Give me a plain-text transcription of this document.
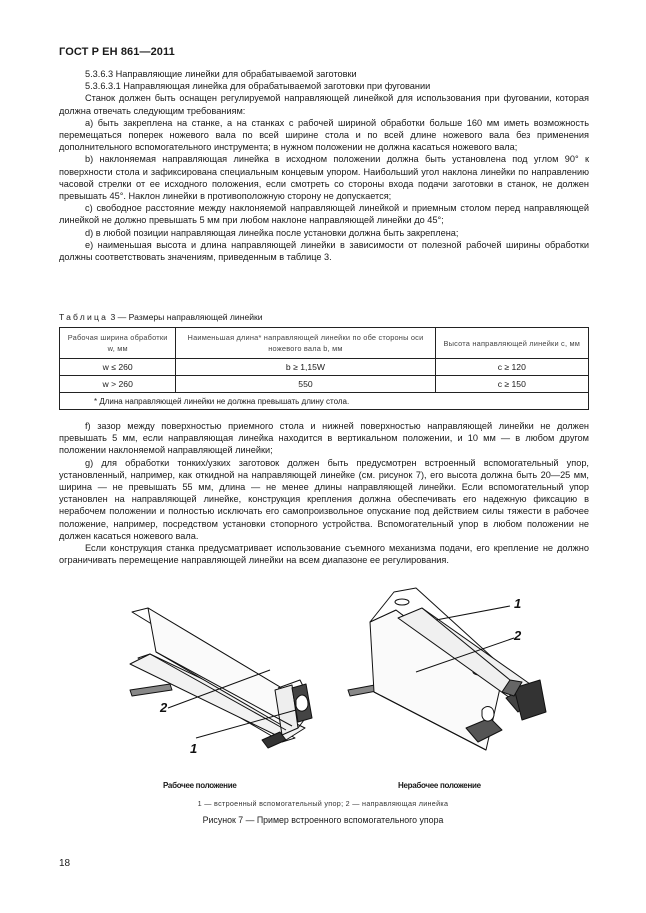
ГОСТ Р ЕН 861—2011

5.3.6.3 Направляющие линейки для обрабатываемой заготовки

5.3.6.3.1 Направляющая линейка для обрабатываемой заготовки при фуговании

Станок должен быть оснащен регулируемой направляющей линейкой для использования при фуговании, которая должна отвечать следующим требованиям:

а) быть закреплена на станке, а на станках с рабочей шириной обработки больше 160 мм иметь возможность перемещаться поперек ножевого вала по всей ширине стола и по всей длине ножевого вала без применения дополнительного вспомогательного инструмента; в нужном положении не должна касаться ножевого вала;

b) наклоняемая направляющая линейка в исходном положении должна быть установлена под углом 90° к поверхности стола и зафиксирована специальным концевым упором. Наибольший угол наклона линейки по направлению часовой стрелки от ее исходного положения, если смотреть со стороны входа подачи заготовки в станок, не должен превышать 45°. Наклон линейки в противоположную сторону не допускается;

c) свободное расстояние между наклоняемой направляющей линейкой и приемным столом перед направляющей линейкой не должно превышать 5 мм при любом наклоне направляющей линейки до 45°;

d) в любой позиции направляющая линейка после установки должна быть закреплена;

е) наименьшая высота и длина направляющей линейки в зависимости от полезной рабочей ширины обработки должны соответствовать значениям, приведенным в таблице 3.

Таблица 3 — Размеры направляющей линейки
Рабочая ширина обработки w, мм	Наименьшая длина* направляющей линейки по обе стороны оси ножевого вала b, мм	Высота направляющей линейки c, мм
w ≤ 260	b ≥ 1,15W	c ≥ 120
w > 260	550	c ≥ 150
* Длина направляющей линейки не должна превышать длину стола.		

f) зазор между поверхностью приемного стола и нижней поверхностью направляющей линейки не должен превышать 5 мм, если направляющая линейка находится в вертикальном положении, и 10 мм — в любом другом положении наклоняемой направляющей линейки;

g) для обработки тонких/узких заготовок должен быть предусмотрен встроенный вспомогательный упор, установленный, например, как откидной на направляющей линейке (см. рисунок 7), его высота должна быть 20—25 мм, ширина — не превышать 55 мм, длина — не менее длины направляющей линейки. Если вспомогательный упор установлен на направляющей линейке, конструкция крепления должна обеспечивать его надежную фиксацию в нерабочем положении и полностью исключать его самопроизвольное опускание под действием силы тяжести в рабочее положение, например, посредством установки стопорного устройства. Вспомогательный упор в любом положении не должен касаться ножевого вала.

Если конструкция станка предусматривает использование съемного механизма подачи, его крепление не должно ограничивать перемещение направляющей линейки на всем диапазоне ее регулирования.

2
1
1
2
Рабочее положение	Нерабочее положение
1 — встроенный вспомогательный упор; 2 — направляющая линейка
Рисунок 7 — Пример встроенного вспомогательного упора
18
